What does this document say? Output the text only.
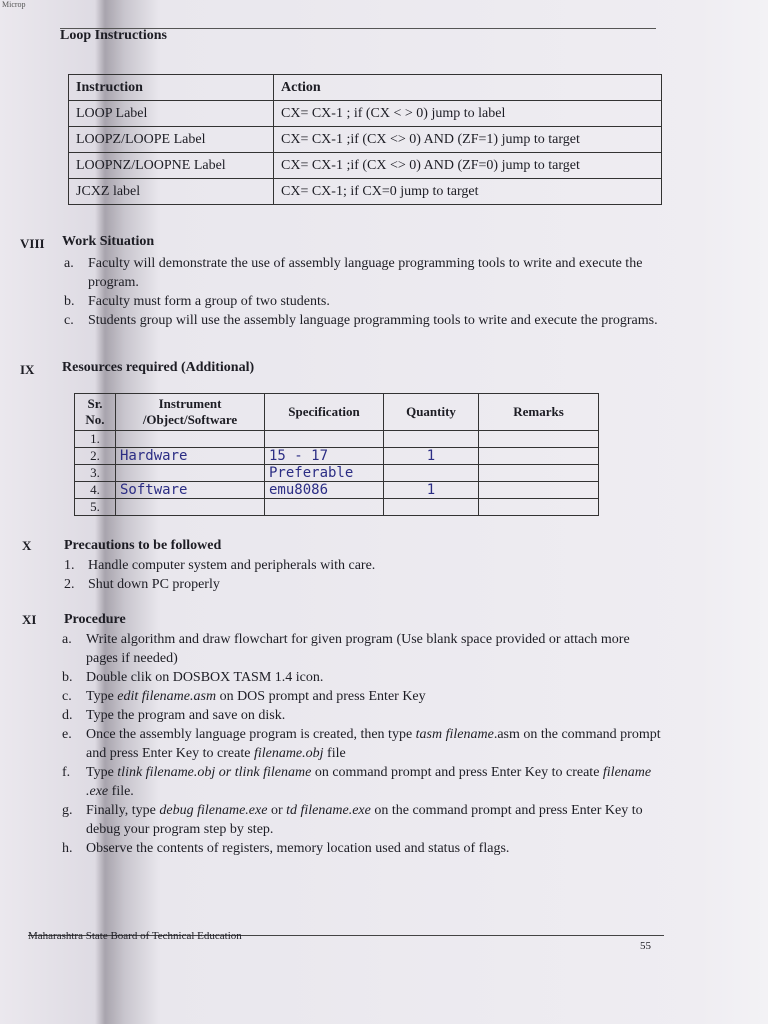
Microp
Loop Instructions
Instruction	Action
LOOP Label	CX= CX-1 ; if (CX < > 0) jump to label
LOOPZ/LOOPE Label	CX= CX-1 ;if (CX <> 0) AND (ZF=1) jump to target
LOOPNZ/LOOPNE Label	CX= CX-1 ;if (CX <> 0) AND (ZF=0) jump to target
JCXZ label	CX= CX-1; if CX=0 jump to target
VIII Work Situation
a. Faculty will demonstrate the use of assembly language programming tools to write and execute the program.
b. Faculty must form a group of two students.
c. Students group will use the assembly language programming tools to write and execute the programs.
IX Resources required (Additional)
Sr. No.	Instrument /Object/Software	Specification	Quantity	Remarks
1.				
2.	Hardware	15 - 17	1	
3.		Preferable		
4.	Software	emu8086	1	
5.				
X Precautions to be followed
1. Handle computer system and peripherals with care.
2. Shut down PC properly
XI Procedure
a. Write algorithm and draw flowchart for given program (Use blank space provided or attach more pages if needed)
b. Double clik on DOSBOX TASM 1.4 icon.
c. Type edit filename.asm on DOS prompt and press Enter Key
d. Type the program and save on disk.
e. Once the assembly language program is created, then type tasm filename.asm on the command prompt and press Enter Key to create filename.obj file
f. Type tlink filename.obj or tlink filename on command prompt and press Enter Key to create filename .exe file.
g. Finally, type debug filename.exe or td filename.exe on the command prompt and press Enter Key to debug your program step by step.
h. Observe the contents of registers, memory location used and status of flags.
Maharashtra State Board of Technical Education
55
